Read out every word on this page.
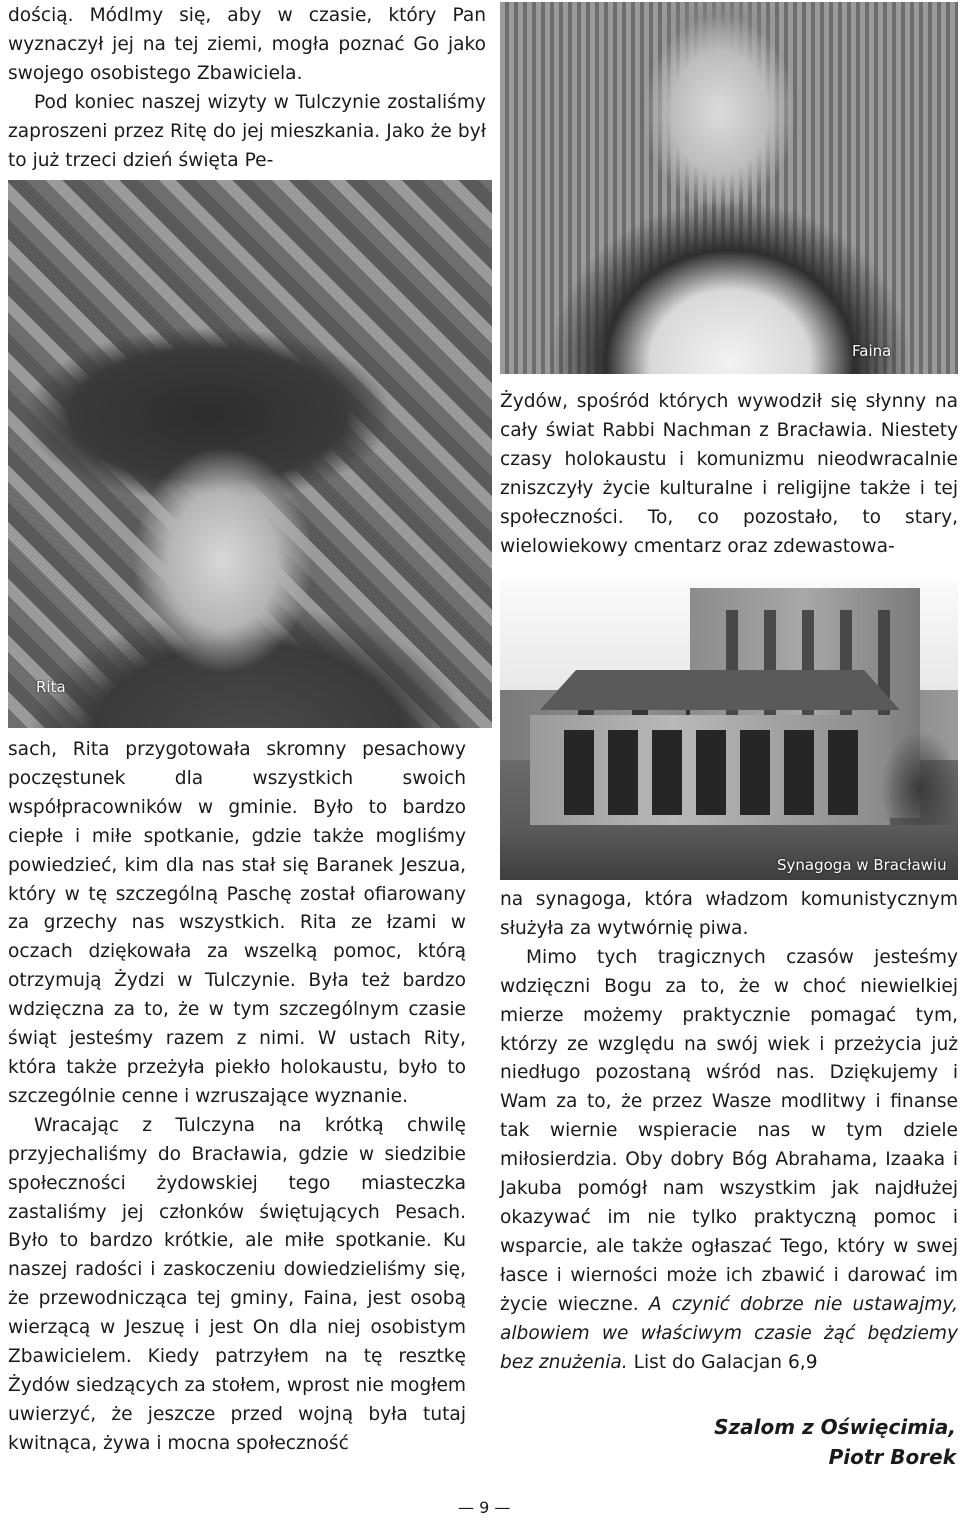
dością. Módlmy się, aby w czasie, który Pan wyznaczył jej na tej ziemi, mogła poznać Go jako swojego osobistego Zbawiciela.

Pod koniec naszej wizyty w Tulczynie zostaliśmy zaproszeni przez Ritę do jej mieszkania. Jako że był to już trzeci dzień święta Pe-

Faina

Żydów, spośród których wywodził się słynny na cały świat Rabbi Nachman z Bracławia. Niestety czasy holokaustu i komunizmu nieodwracalnie zniszczyły życie kulturalne i religijne także i tej społeczności. To, co pozostało, to stary, wielowiekowy cmentarz oraz zdewastowa-

Rita
Synagoga w Bracławiu

sach, Rita przygotowała skromny pesachowy poczęstunek dla wszystkich swoich współpracowników w gminie. Było to bardzo ciepłe i miłe spotkanie, gdzie także mogliśmy powiedzieć, kim dla nas stał się Baranek Jeszua, który w tę szczególną Paschę został ofiarowany za grzechy nas wszystkich. Rita ze łzami w oczach dziękowała za wszelką pomoc, którą otrzymują Żydzi w Tulczynie. Była też bardzo wdzięczna za to, że w tym szczególnym czasie świąt jesteśmy razem z nimi. W ustach Rity, która także przeżyła piekło holokaustu, było to szczególnie cenne i wzruszające wyznanie.

Wracając z Tulczyna na krótką chwilę przyjechaliśmy do Bracławia, gdzie w siedzibie społeczności żydowskiej tego miasteczka zastaliśmy jej członków świętujących Pesach. Było to bardzo krótkie, ale miłe spotkanie. Ku naszej radości i zaskoczeniu dowiedzieliśmy się, że przewodnicząca tej gminy, Faina, jest osobą wierzącą w Jeszuę i jest On dla niej osobistym Zbawicielem. Kiedy patrzyłem na tę resztkę Żydów siedzących za stołem, wprost nie mogłem uwierzyć, że jeszcze przed wojną była tutaj kwitnąca, żywa i mocna społeczność

na synagoga, która władzom komunistycznym służyła za wytwórnię piwa.

Mimo tych tragicznych czasów jesteśmy wdzięczni Bogu za to, że w choć niewielkiej mierze możemy praktycznie pomagać tym, którzy ze względu na swój wiek i przeżycia już niedługo pozostaną wśród nas. Dziękujemy i Wam za to, że przez Wasze modlitwy i finanse tak wiernie wspieracie nas w tym dziele miłosierdzia. Oby dobry Bóg Abrahama, Izaaka i Jakuba pomógł nam wszystkim jak najdłużej okazywać im nie tylko praktyczną pomoc i wsparcie, ale także ogłaszać Tego, który w swej łasce i wierności może ich zbawić i darować im życie wieczne. A czynić dobrze nie ustawajmy, albowiem we właściwym czasie żąć będziemy bez znużenia. List do Galacjan 6,9

Szalom z Oświęcimia,
Piotr Borek
— 9 —
